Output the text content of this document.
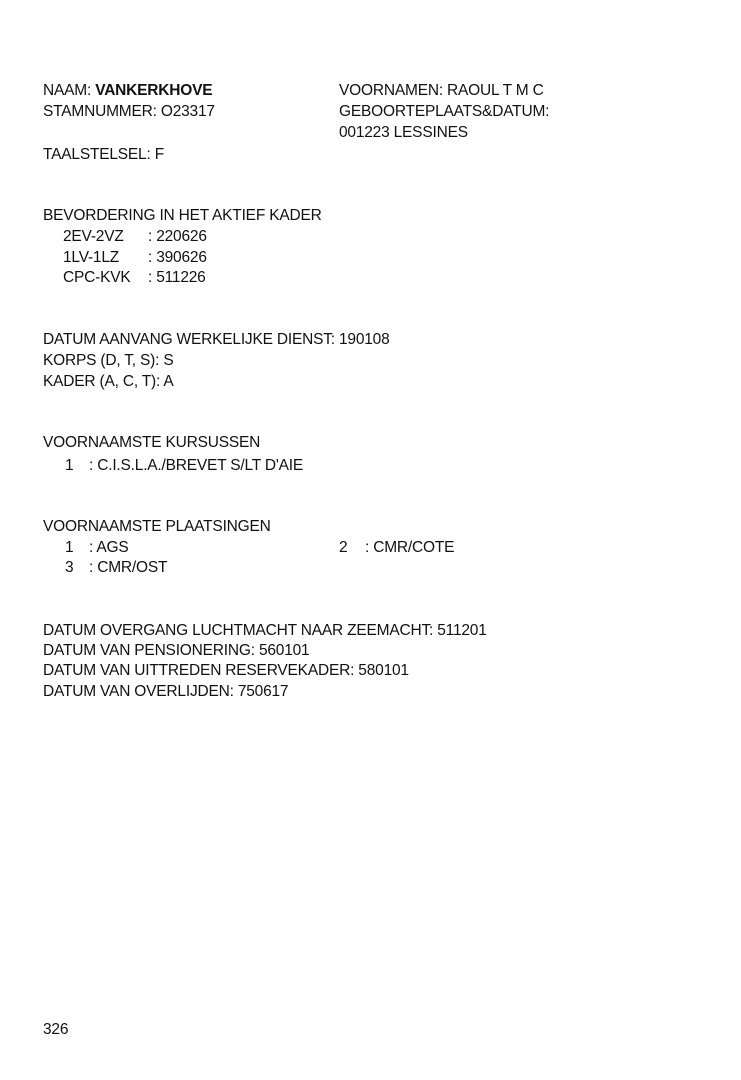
NAAM: VANKERKHOVE
STAMNUMMER: O23317
VOORNAMEN: RAOUL T M C
GEBOORTEPLAATS&DATUM:
001223 LESSINES
TAALSTELSEL: F
BEVORDERING IN HET AKTIEF KADER
2EV-2VZ : 220626
1LV-1LZ : 390626
CPC-KVK : 511226
DATUM AANVANG WERKELIJKE DIENST: 190108
KORPS (D, T, S): S
KADER (A, C, T): A
VOORNAAMSTE KURSUSSEN
1 : C.I.S.L.A./BREVET S/LT D'AIE
VOORNAAMSTE PLAATSINGEN
1 : AGS	2 : CMR/COTE
3 : CMR/OST
DATUM OVERGANG LUCHTMACHT NAAR ZEEMACHT: 511201
DATUM VAN PENSIONERING: 560101
DATUM VAN UITTREDEN RESERVEKADER: 580101
DATUM VAN OVERLIJDEN: 750617
326
